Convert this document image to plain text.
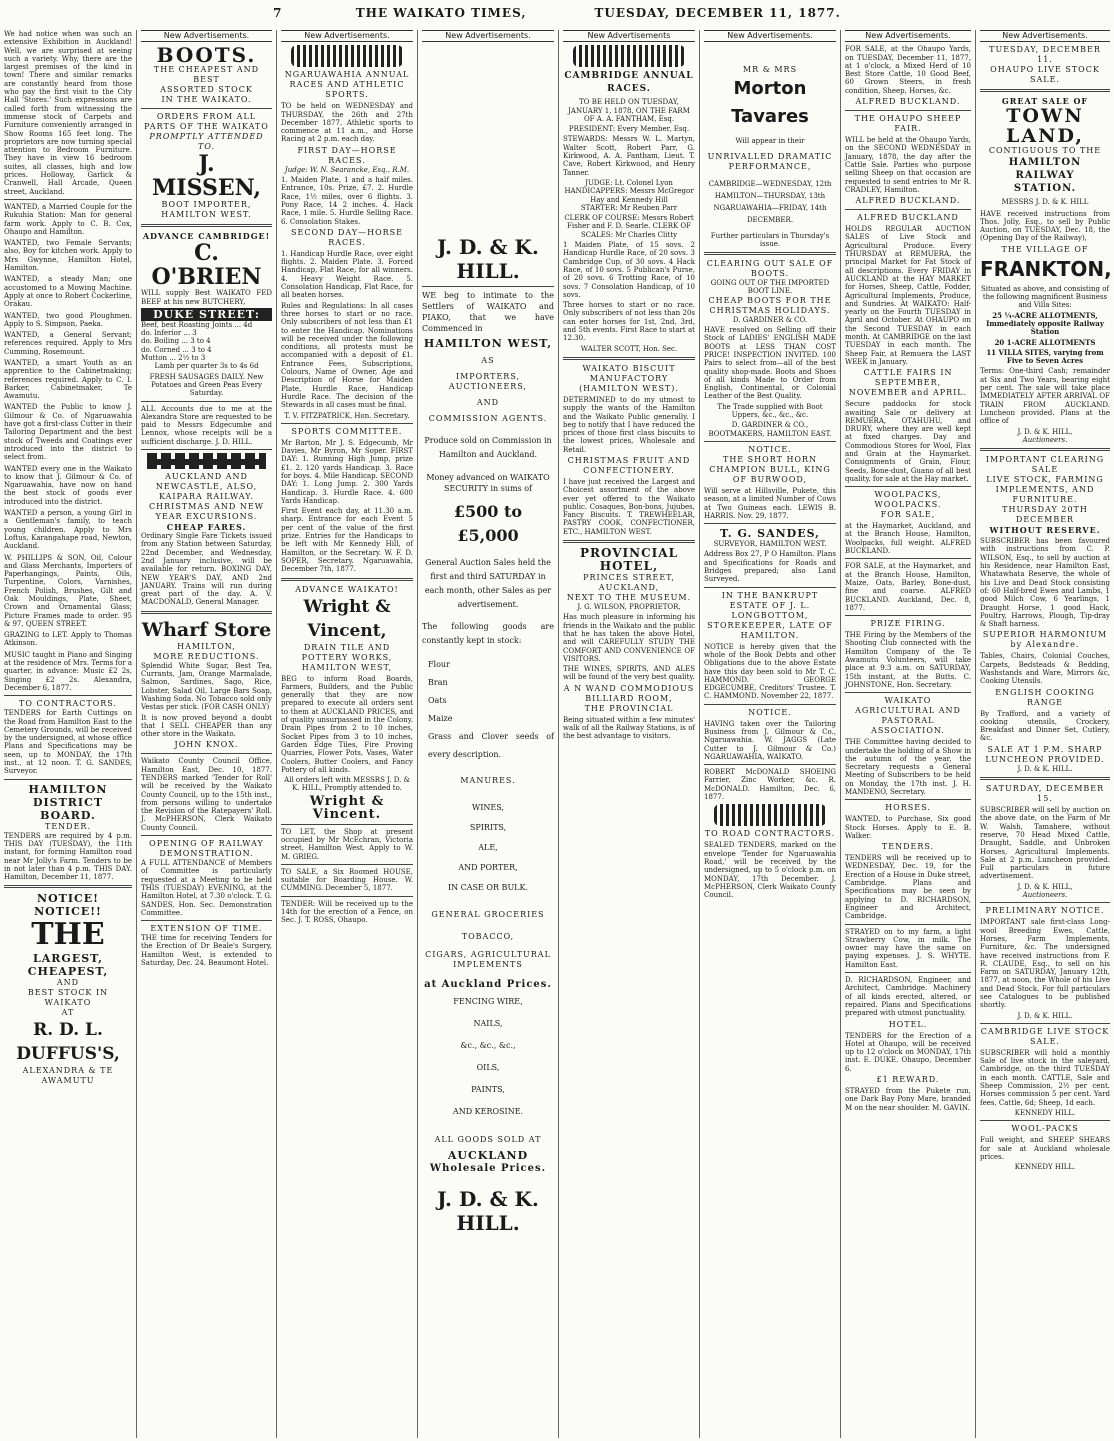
7	THE WAIKATO TIMES,	TUESDAY, DECEMBER 11, 1877.

We had notice when was such an extensive Exhibition in Auckland! Well, we are surprised at seeing such a variety. Why, there are the largest premises of the kind in town! There and similar remarks are constantly heard from those who pay the first visit to the City Hall 'Stores.' Such expressions are called forth from witnessing the immense stock of Carpets and Furniture conveniently arranged in Show Rooms 165 feet long. The proprietors are now turning special attention to Bedroom Furniture. They have in view 16 bedroom suites, all classes, high and low prices. Holloway, Garlick & Cranwell, Hall Arcade, Queen street, Auckland.

WANTED, a Married Couple for the Rukuhia Station: Man for general farm work. Apply to C. B. Cox, Ohaupo and Hamilton.

WANTED, two Female Servants; also, Boy for kitchen work. Apply to Mrs Gwynne, Hamilton Hotel, Hamilton.

WANTED, a steady Man; one accustomed to a Mowing Machine. Apply at once to Robert Cockerline, Orakau.

WANTED, two good Ploughmen. Apply to S. Simpson, Paeka.

WANTED, a General Servant; references required. Apply to Mrs Cumming, Rosemount.

WANTED, a smart Youth as an apprentice to the Cabinetmaking; references required. Apply to C. I. Barker, Cabinetmaker, Te Awamutu.

WANTED the Public to know J. Gilmour & Co. of Ngaruawahia have got a first-class Cutter in their Tailoring Department and the best stock of Tweeds and Coatings ever introduced into the district to select from.

WANTED every one in the Waikato to know that J. Gilmour & Co. of Ngaruawahia, have now on hand the best stock of goods ever introduced into the district.

WANTED a person, a young Girl in a Gentleman's family, to teach young children. Apply to Mrs Loftus, Karangahape road, Newton, Auckland.

W. PHILLIPS & SON, Oil, Colour and Glass Merchants, Importers of Paperhangings, Paints, Oils, Turpentine, Colors, Varnishes, French Polish, Brushes, Gilt and Oak Mouldings, Plate, Sheet, Crown and Ornamental Glass; Picture Frames made to order. 95 & 97, QUEEN STREET.

GRAZING to LET. Apply to Thomas Atkinson.

MUSIC taught in Piano and Singing at the residence of Mrs. Terms for a quarter, in advance: Music £2 2s, Singing £2 2s. Alexandra, December 6, 1877.

TO CONTRACTORS.

TENDERS for Earth Cuttings on the Road from Hamilton East to the Cemetery Grounds, will be received by the undersigned, at whose office Plans and Specifications may be seen, up to MONDAY, the 17th inst., at 12 noon. T. G. SANDES, Surveyor.

HAMILTON DISTRICT BOARD.
TENDER.

TENDERS are required by 4 p.m. THIS DAY (TUESDAY), the 11th instant, for forming Hamilton road near Mr Jolly's Farm. Tenders to be in not later than 4 p.m. THIS DAY. Hamilton, December 11, 1877.

NOTICE! NOTICE!!
THE
LARGEST,
CHEAPEST,
AND
BEST STOCK IN WAIKATO
AT
R. D. L. DUFFUS'S,
ALEXANDRA & TE AWAMUTU
New Advertisements.
BOOTS.
THE CHEAPEST AND BEST
ASSORTED STOCK
IN THE WAIKATO.
ORDERS FROM ALL PARTS OF THE WAIKATO
PROMPTLY ATTENDED TO.
J. MISSEN,
BOOT IMPORTER,
HAMILTON WEST.
ADVANCE CAMBRIDGE!
C. O'BRIEN

WILL supply Best WAIKATO FED BEEF at his new BUTCHERY,

DUKE STREET:
Beef, best Roasting Joints ... 4d
do. Inferior ... 3
do. Boiling ... 3 to 4
do. Corned ... 3 to 4
Mutton ... 2½ to 3
Lamb per quarter 3s to 4s 6d

FRESH SAUSAGES DAILY. New Potatoes and Green Peas Every Saturday.

ALL Accounts due to me at the Alexandra Store are requested to be paid to Messrs Edgecumbe and Lennox, whose receipts will be a sufficient discharge. J. D. HILL.

AUCKLAND AND NEWCASTLE, ALSO, KAIPARA RAILWAY.
CHRISTMAS AND NEW YEAR EXCURSIONS.
CHEAP FARES.

Ordinary Single Fare Tickets issued from any Station between Saturday, 22nd December, and Wednesday, 2nd January inclusive, will be available for return. BOXING DAY, NEW YEAR'S DAY, AND 2nd JANUARY. Trains will run during great part of the day. A. V. MACDONALD, General Manager.

Wharf Store
HAMILTON,
MORE REDUCTIONS.

Splendid White Sugar, Best Tea, Currants, Jam, Orange Marmalade, Salmon, Sardines, Sago, Rice, Lobster, Salad Oil, Large Bars Soap, Washing Soda. No Tobacco sold only Vestas per stick. (FOR CASH ONLY)

It is now proved beyond a doubt that I SELL CHEAPER than any other store in the Waikato.

JOHN KNOX.

Waikato County Council Office, Hamilton East, Dec. 10, 1877. TENDERS marked 'Tender for Roll' will be received by the Waikato County Council, up to the 15th inst., from persons willing to undertake the Revision of the Ratepayers' Roll. J. McPHERSON, Clerk Waikato County Council.

OPENING OF RAILWAY DEMONSTRATION.

A FULL ATTENDANCE of Members of Committee is particularly requested at a Meeting to be held THIS (TUESDAY) EVENING, at the Hamilton Hotel, at 7.30 o'clock. T. G. SANDES, Hon. Sec. Demonstration Committee.

EXTENSION OF TIME.

THE time for receiving Tenders for the Erection of Dr Beale's Surgery, Hamilton West, is extended to Saturday, Dec. 24. Beaumont Hotel.

New Advertisements.
NGARUAWAHIA ANNUAL RACES AND ATHLETIC SPORTS.

TO be held on WEDNESDAY and THURSDAY, the 26th and 27th December 1877. Athletic sports to commence at 11 a.m., and Horse Racing at 2 p.m. each day.

FIRST DAY—HORSE RACES.
Judge: W. N. Searancke, Esq., R.M.

1. Maiden Plate, 1 and a half miles. Entrance, 10s. Prize, £7. 2. Hurdle Race, 1½ miles, over 6 flights. 3. Pony Race, 14 2 inches. 4. Hack Race, 1 mile. 5. Hurdle Selling Race. 6. Consolation Stakes.

SECOND DAY—HORSE RACES.

1. Handicap Hurdle Race, over eight flights. 2. Maiden Plate. 3. Forced Handicap, Flat Race, for all winners. 4. Heavy Weight Race. 5. Consolation Handicap, Flat Race, for all beaten horses.

Rules and Regulations: In all cases three horses to start or no race. Only subscribers of not less than £1 to enter the Handicap. Nominations will be received under the following conditions, all protests must be accompanied with a deposit of £1. Entrance Fees, Subscriptions, Colours, Name of Owner, Age and Description of Horse for Maiden Plate, Hurdle Race, Handicap Hurdle Race. The decision of the Stewards in all cases must be final.

T. V. FITZPATRICK, Hon. Secretary.
SPORTS COMMITTEE.

Mr Barton, Mr J. S. Edgecumb, Mr Davies, Mr Byron, Mr Soper. FIRST DAY: 1. Running High Jump, prize £1. 2. 120 yards Handicap. 3. Race for boys. 4. Mile Handicap. SECOND DAY: 1. Long Jump. 2. 300 Yards Handicap. 3. Hurdle Race. 4. 600 Yards Handicap.

First Event each day, at 11.30 a.m. sharp. Entrance for each Event 5 per cent of the value of the first prize. Entries for the Handicaps to be left with Mr Kennedy Hill, of Hamilton, or the Secretary. W. F. D. SOPER, Secretary. Ngaruawahia, December 7th, 1877.

ADVANCE WAIKATO!
Wright & Vincent,
DRAIN TILE AND POTTERY WORKS, HAMILTON WEST,

BEG to inform Road Boards, Farmers, Builders, and the Public generally that they are now prepared to execute all orders sent to them at AUCKLAND PRICES, and of quality unsurpassed in the Colony. Drain Pipes from 2 to 10 inches, Socket Pipes from 3 to 10 inches, Garden Edge Tiles, Fire Proving Quarries, Flower Pots, Vases, Water Coolers, Butter Coolers, and Fancy Pottery of all kinds.

All orders left with MESSRS J. D. & K. HILL, Promptly attended to.

Wright & Vincent.

TO LET, the Shop at present occupied by Mr McEchran, Victoria street, Hamilton West. Apply to W. M. GRIEG.

TO SALE, a Six Roomed HOUSE, suitable for Boarding House. W. CUMMING. December 5, 1877.

TENDER: Will be received up to the 14th for the erection of a Fence, on Sec. J. T. ROSS, Ohaupo.

New Advertisements.
J. D. & K. HILL.

WE beg to intimate to the Settlers of WAIKATO and PIAKO, that we have Commenced in

HAMILTON WEST,
AS
IMPORTERS, AUCTIONEERS,
AND
COMMISSION AGENTS.

Produce sold on Commission in Hamilton and Auckland.

Money advanced on WAIKATO SECURITY in sums of

£500 to £5,000

General Auction Sales held the first and third SATURDAY in each month, other Sales as per advertisement.

The following goods are constantly kept in stock:

Flour
Bran
Oats
Maize
Grass and Clover seeds of every description.
MANURES.
WINES,
SPIRITS,
ALE,
AND PORTER,
IN CASE OR BULK.
GENERAL GROCERIES
TOBACCO,
CIGARS, AGRICULTURAL IMPLEMENTS
at Auckland Prices.
FENCING WIRE,
NAILS,
&c., &c., &c.,
OILS,
PAINTS,
AND KEROSINE.
ALL GOODS SOLD AT
AUCKLAND
Wholesale Prices.
J. D. & K. HILL.
New Advertisements
CAMBRIDGE ANNUAL RACES.

TO BE HELD ON TUESDAY, JANUARY 1, 1878, ON THE FARM OF A. A. FANTHAM, Esq.

PRESIDENT: Every Member, Esq.

STEWARDS: Messrs W. L. Martyn, Walter Scott, Robert Parr, G. Kirkwood, A. A. Fantham, Lieut. T. Cave, Robert Kirkwood, and Henry Tanner.

JUDGE: Lt. Colonel Lyon
HANDICAPPERS: Messrs McGregor Hay and Kennedy Hill
STARTER: Mr Reuben Parr

CLERK OF COURSE: Messrs Robert Fisher and F. D. Searle. CLERK OF SCALES: Mr Charles Clitty

1 Maiden Plate, of 15 sovs. 2 Handicap Hurdle Race, of 20 sovs. 3 Cambridge Cup, of 30 sovs. 4 Hack Race, of 10 sovs. 5 Publican's Purse, of 20 sovs. 6 Trotting Race, of 10 sovs. 7 Consolation Handicap, of 10 sovs.

Three horses to start or no race. Only subscribers of not less than 20s can enter horses for 1st, 2nd, 3rd, and 5th events. First Race to start at 12.30.

WALTER SCOTT, Hon. Sec.
WAIKATO BISCUIT MANUFACTORY (HAMILTON WEST).

DETERMINED to do my utmost to supply the wants of the Hamilton and the Waikato Public generally. I beg to notify that I have reduced the prices of those first class biscuits to the lowest prices, Wholesale and Retail.

CHRISTMAS FRUIT AND CONFECTIONERY.

I have just received the Largest and Choicest assortment of the above ever yet offered to the Waikato public. Cosaques, Bon-bons, Jujubes, Fancy Biscuits. T. TREWHEELAR, PASTRY COOK, CONFECTIONER, ETC., HAMILTON WEST.

PROVINCIAL HOTEL,
PRINCES STREET, AUCKLAND,
NEXT TO THE MUSEUM.
J. G. WILSON, PROPRIETOR,

Has much pleasure in informing his friends in the Waikato and the public that he has taken the above Hotel, and will CAREFULLY STUDY THE COMFORT AND CONVENIENCE OF VISITORS.

THE WINES, SPIRITS, AND ALES will be found of the very best quality.

A N WAND COMMODIOUS BILLIARD ROOM,
THE PROVINCIAL

Being situated within a few minutes' walk of all the Railway Stations, is of the best advantage to visitors.

New Advertisements.
MR & MRS
Morton Tavares
Will appear in their
UNRIVALLED DRAMATIC PERFORMANCE,

CAMBRIDGE—WEDNESDAY, 12th HAMILTON—THURSDAY, 13th NGARUAWAHIA—FRIDAY, 14th DECEMBER.

Further particulars in Thursday's issue.

CLEARING OUT SALE OF BOOTS.
GOING OUT OF THE IMPORTED BOOT LINE.
CHEAP BOOTS FOR THE CHRISTMAS HOLIDAYS.
D. GARDINER & CO.

HAVE resolved on Selling off their Stock of LADIES' ENGLISH MADE BOOTS at LESS THAN COST PRICE! INSPECTION INVITED. 100 Pairs to select from—all of the best quality shop-made. Boots and Shoes of all kinds Made to Order from English, Continental, or Colonial Leather of the Best Quality.

The Trade supplied with Boot Uppers, &c., &c., &c.

D. GARDINER & CO.,
BOOTMAKERS, HAMILTON EAST.
NOTICE.
THE SHORT HORN CHAMPION BULL, KING OF BURWOOD,

Will serve at Hillsville, Pukete, this season, at a limited Number of Cows at Two Guineas each. LEWIS B. HARRIS. Nov. 29, 1877.

T. G. SANDES,
SURVEYOR, HAMILTON WEST.

Address Box 27, P O Hamilton. Plans and Specifications for Roads and Bridges prepared; also Land Surveyed.

IN THE BANKRUPT ESTATE OF J. L. LONGBOTTOM, STOREKEEPER, LATE OF HAMILTON.

NOTICE is hereby given that the whole of the Book Debts and other Obligations due to the above Estate have this day been sold to Mr T. C. HAMMOND. GEORGE EDGECUMBE, Creditors' Trustee. T. C. HAMMOND. November 22, 1877.

NOTICE.

HAVING taken over the Tailoring Business from J. Gilmour & Co., Ngaruawahia. W. JAGGS (Late Cutter to J. Gilmour & Co.) NGARUAWAHIA, WAIKATO.

ROBERT McDONALD SHOEING Farrier, Zinc Worker, &c. R. McDONALD. Hamilton, Dec. 6, 1877.

TO ROAD CONTRACTORS.

SEALED TENDERS, marked on the envelope 'Tender for Ngaruawahia Road,' will be received by the undersigned, up to 5 o'clock p.m. on MONDAY, 17th December. J. McPHERSON, Clerk Waikato County Council.

New Advertisements.

FOR SALE, at the Ohaupo Yards, on TUESDAY, December 11, 1877, at 1 o'clock, a Mixed Herd of 10 Best Store Cattle, 10 Good Beef, 60 Grown Steers, in fresh condition, Sheep, Horses, &c.

ALFRED BUCKLAND.
THE OHAUPO SHEEP FAIR.

WILL be held at the Ohaupo Yards, on the SECOND WEDNESDAY in January, 1878, the day after the Cattle Sale. Parties who purpose selling Sheep on that occasion are requested to send entries to Mr R. CRADLEY, Hamilton.

ALFRED BUCKLAND.
ALFRED BUCKLAND

HOLDS REGULAR AUCTION SALES of Live Stock and Agricultural Produce. Every THURSDAY at REMUERA, the principal Market for Fat Stock of all descriptions. Every FRIDAY in AUCKLAND at the HAY MARKET for Horses, Sheep, Cattle, Fodder, Agricultural Implements, Produce, and Sundries. At WAIKATO: Half-yearly on the Fourth TUESDAY in April and October. At OHAUPO on the Second TUESDAY in each month. At CAMBRIDGE on the last TUESDAY in each month. The Sheep Fair, at Remuera the LAST WEEK in January.

CATTLE FAIRS IN SEPTEMBER, NOVEMBER and APRIL.

Secure paddocks for stock awaiting Sale or delivery at REMUERA, OTAHUHU, and DRURY, where they are well kept at fixed charges. Day and Commodious Stores for Wool, Flax and Grain at the Haymarket. Consignments of Grain, Flour, Seeds, Bone-dust, Guano of all best quality, for sale at the Hay market.

WOOLPACKS, WOOLPACKS.
FOR SALE,

at the Haymarket, Auckland, and at the Branch House, Hamilton, Woolpacks, full weight. ALFRED BUCKLAND.

FOR SALE, at the Haymarket, and at the Branch House, Hamilton, Maize, Oats, Barley, Bone-dust, fine and coarse. ALFRED BUCKLAND. Auckland, Dec. 8, 1877.

PRIZE FIRING.

THE Firing by the Members of the Shooting Club connected with the Hamilton Company of the Te Awamutu Volunteers, will take place at 9.3 a.m. on SATURDAY, 15th instant, at the Butts. C. JOHNSTONE, Hon. Secretary.

WAIKATO AGRICULTURAL AND PASTORAL ASSOCIATION.

THE Committee having decided to undertake the holding of a Show in the autumn of the year, the Secretary requests a General Meeting of Subscribers to be held on Monday, the 17th inst. J. H. MANDENO, Secretary.

HORSES.

WANTED, to Purchase, Six good Stock Horses. Apply to E. B. Walker.

TENDERS.

TENDERS will be received up to WEDNESDAY, Dec. 19, for the Erection of a House in Duke street, Cambridge. Plans and Specifications may be seen by applying to D. RICHARDSON, Engineer and Architect, Cambridge.

STRAYED on to my farm, a light Strawberry Cow, in milk. The owner may have the same on paying expenses. J. S. WHYTE. Hamilton East.

D. RICHARDSON, Engineer, and Architect, Cambridge. Machinery of all kinds erected, altered, or repaired. Plans and Specifications prepared with utmost punctuality.

HOTEL.

TENDERS for the Erection of a Hotel at Ohaupo, will be received up to 12 o'clock on MONDAY, 17th inst. E. DUKE. Ohaupo, December 6.

£1 REWARD.

STRAYED from the Pukete run, one Dark Bay Pony Mare, branded M on the near shoulder. M. GAVIN.

New Advertisements.
TUESDAY, DECEMBER 11.
OHAUPO LIVE STOCK SALE.
GREAT SALE OF
TOWN LAND,
CONTIGUOUS TO THE
HAMILTON RAILWAY
STATION.
MESSRS J. D. & K. HILL

HAVE received instructions from Thos. Jolly, Esq., to sell by Public Auction, on TUESDAY, Dec. 18, the (Opening Day of the Railway),

THE VILLAGE OF
FRANKTON,

Situated as above, and consisting of the following magnificent Business and Villa Sites:

25 ¼-ACRE ALLOTMENTS, Immediately opposite Railway Station

20 1-ACRE ALLOTMENTS

11 VILLA SITES, varying from Five to Seven Acres

Terms: One-third Cash; remainder at Six and Two Years, bearing eight per cent. The sale will take place IMMEDIATELY AFTER ARRIVAL OF TRAIN FROM AUCKLAND. Luncheon provided. Plans at the office of

J. D. & K. HILL,
Auctioneers.
IMPORTANT CLEARING SALE
LIVE STOCK, FARMING IMPLEMENTS, AND FURNITURE.
THURSDAY 20TH DECEMBER
WITHOUT RESERVE.

SUBSCRIBER has been favoured with instructions from C. P. WILSON, Esq., to sell by auction at his Residence, near Hamilton East, Whatawhata Reserve, the whole of his Live and Dead Stock consisting of: 60 Half-bred Ewes and Lambs, 1 good Milch Cow, 6 Yearlings, 1 Draught Horse, 1 good Hack, Poultry, Harrows, Plough, Tip-dray & Shaft harness.

SUPERIOR HARMONIUM by Alexandre.

Tables, Chairs, Colonial Couches, Carpets, Bedsteads & Bedding, Washstands and Ware, Mirrors &c, Cooking Utensils.

ENGLISH COOKING RANGE

By Trafford, and a variety of cooking utensils, Crockery, Breakfast and Dinner Set, Cutlery, &c.

SALE AT 1 P.M. SHARP
LUNCHEON PROVIDED.
J. D. & K. HILL.
SATURDAY, DECEMBER 15.

SUBSCRIBER will sell by auction on the above date, on the Farm of Mr W. Walsh, Tamahere, without reserve, 70 Head Mixed Cattle, Draught, Saddle, and Unbroken Horses, Agricultural Implements. Sale at 2 p.m. Luncheon provided. Full particulars in future advertisement.

J. D. & K. HILL,
Auctioneers.
PRELIMINARY NOTICE.

IMPORTANT sale first-class Long-wool Breeding Ewes, Cattle, Horses, Farm Implements, Furniture, &c. The undersigned have received instructions from F. R. CLAUDE, Esq., to sell on his Farm on SATURDAY, January 12th, 1877, at noon, the Whole of his Live and Dead Stock. For full particulars see Catalogues to be published shortly.

J. D. & K. HILL.
CAMBRIDGE LIVE STOCK SALE.

SUBSCRIBER will hold a monthly Sale of live stock in the saleyard, Cambridge, on the third TUESDAY in each month. CATTLE, Sale and Sheep Commission, 2½ per cent. Horses commission 5 per cent. Yard fees, Cattle, 6d; Sheep, 1d each.

KENNEDY HILL.
WOOL-PACKS

Full weight, and SHEEP SHEARS for sale at Auckland wholesale prices.

KENNEDY HILL.
